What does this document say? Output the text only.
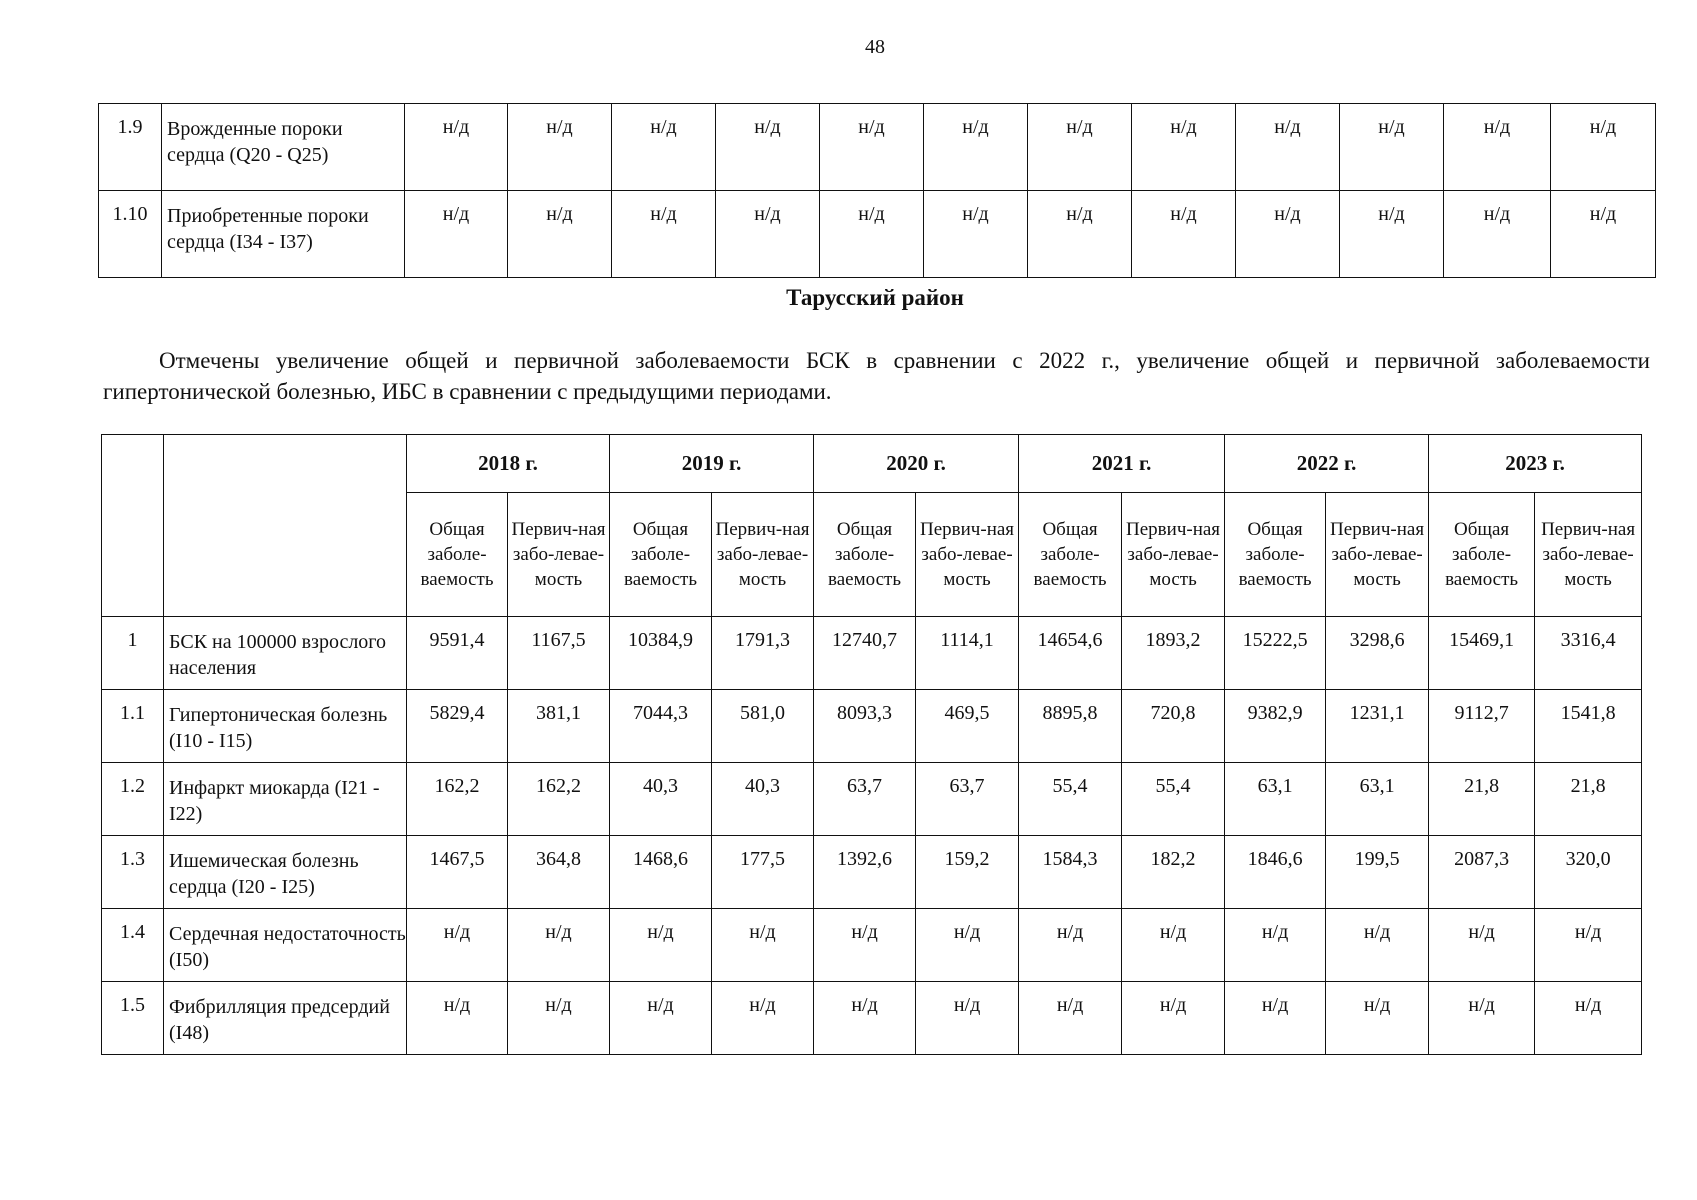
48
1.9	Врожденные пороки сердца (Q20 - Q25)	н/д	н/д	н/д	н/д	н/д	н/д	н/д	н/д	н/д	н/д	н/д	н/д
1.10	Приобретенные пороки сердца (I34 - I37)	н/д	н/д	н/д	н/д	н/д	н/д	н/д	н/д	н/д	н/д	н/д	н/д
Тарусский район

Отмечены увеличение общей и первичной заболеваемости БСК в сравнении с 2022 г., увеличение общей и первичной заболеваемости гипертонической болезнью, ИБС в сравнении с предыдущими периодами.

		2018 г.		2019 г.		2020 г.		2021 г.		2022 г.		2023 г.	
		Общая заболе-ваемость	Первич-ная забо-леваe-мость	Общая заболе-ваемость	Первич-ная забо-леваe-мость	Общая заболе-ваемость	Первич-ная забо-леваe-мость	Общая заболе-ваемость	Первич-ная забо-леваe-мость	Общая заболе-ваемость	Первич-ная забо-леваe-мость	Общая заболе-ваемость	Первич-ная забо-леваe-мость
1	БСК на 100000 взрослого населения	9591,4	1167,5	10384,9	1791,3	12740,7	1114,1	14654,6	1893,2	15222,5	3298,6	15469,1	3316,4
1.1	Гипертоническая болезнь (I10 - I15)	5829,4	381,1	7044,3	581,0	8093,3	469,5	8895,8	720,8	9382,9	1231,1	9112,7	1541,8
1.2	Инфаркт миокарда (I21 - I22)	162,2	162,2	40,3	40,3	63,7	63,7	55,4	55,4	63,1	63,1	21,8	21,8
1.3	Ишемическая болезнь сердца (I20 - I25)	1467,5	364,8	1468,6	177,5	1392,6	159,2	1584,3	182,2	1846,6	199,5	2087,3	320,0
1.4	Сердечная недостаточность (I50)	н/д	н/д	н/д	н/д	н/д	н/д	н/д	н/д	н/д	н/д	н/д	н/д
1.5	Фибрилляция предсердий (I48)	н/д	н/д	н/д	н/д	н/д	н/д	н/д	н/д	н/д	н/д	н/д	н/д
